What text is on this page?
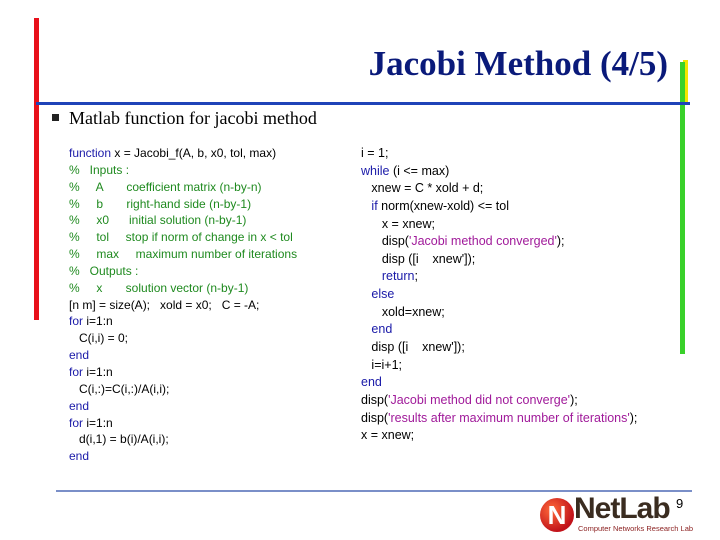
Jacobi Method (4/5)
Matlab function for jacobi method
function x = Jacobi_f(A, b, x0, tol, max)
%   Inputs :
%     A       coefficient matrix (n-by-n)
%     b       right-hand side (n-by-1)
%     x0      initial solution (n-by-1)
%     tol     stop if norm of change in x < tol
%     max     maximum number of iterations
%   Outputs :
%     x       solution vector (n-by-1)
[n m] = size(A);   xold = x0;   C = -A;
for i=1:n
C(i,i) = 0;
end
for i=1:n
C(i,:)=C(i,:)/A(i,i);
end
for i=1:n
d(i,1) = b(i)/A(i,i);
end
i = 1;
while (i <= max)
xnew = C * xold + d;
if norm(xnew-xold) <= tol
x = xnew;
disp('Jacobi method converged');
disp ([i    xnew']);
return;
else
xold=xnew;
end
disp ([i    xnew']);
i=i+1;
end
disp('Jacobi method did not converge');
disp('results after maximum number of iterations');
x = xnew;
9
N NetLab
Computer Networks Research Lab
